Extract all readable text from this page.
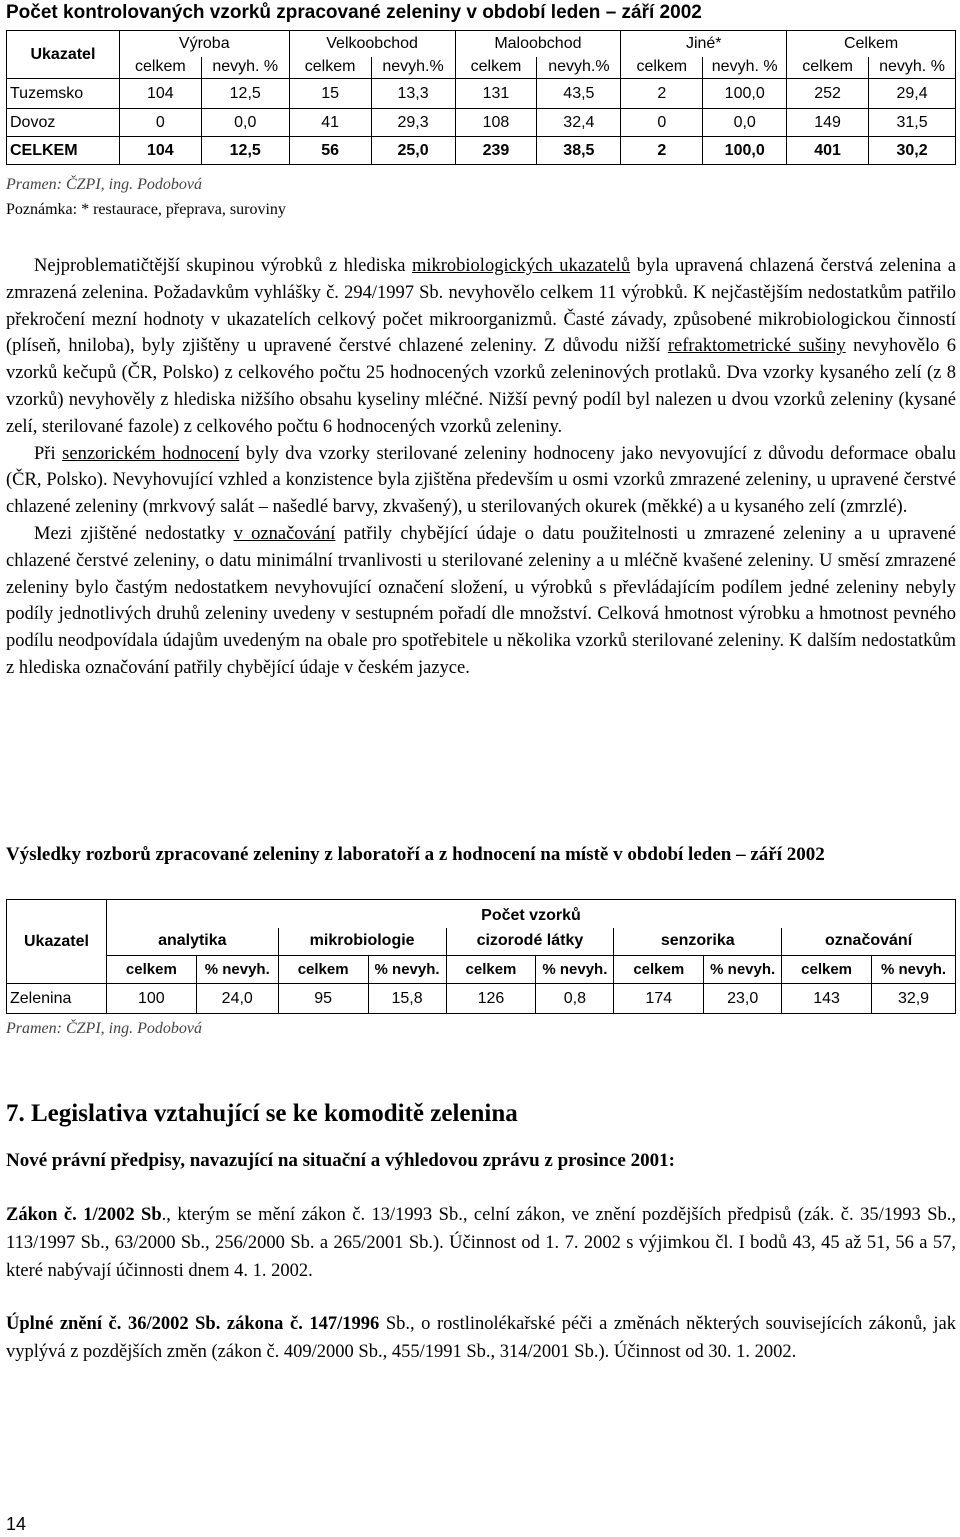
Počet kontrolovaných vzorků zpracované zeleniny v období leden – září 2002
Ukazatel	Výroba		Velkoobchod		Maloobchod		Jiné*		Celkem	
	celkem	nevyh. %	celkem	nevyh.%	celkem	nevyh.%	celkem	nevyh. %	celkem	nevyh. %
Tuzemsko	104	12,5	15	13,3	131	43,5	2	100,0	252	29,4
Dovoz	0	0,0	41	29,3	108	32,4	0	0,0	149	31,5
CELKEM	104	12,5	56	25,0	239	38,5	2	100,0	401	30,2
Pramen: ČZPI, ing. Podobová
Poznámka: * restaurace, přeprava, suroviny

Nejproblematičtější skupinou výrobků z hlediska mikrobiologických ukazatelů byla upravená chlazená čerstvá zelenina a zmrazená zelenina. Požadavkům vyhlášky č. 294/1997 Sb. nevyhovělo celkem 11 výrobků. K nejčastějším nedostatkům patřilo překročení mezní hodnoty v ukazatelích celkový počet mikroorganizmů. Časté závady, způsobené mikrobiologickou činností (plíseň, hniloba), byly zjištěny u upravené čerstvé chlazené zeleniny. Z důvodu nižší refraktometrické sušiny nevyhovělo 6 vzorků kečupů (ČR, Polsko) z celkového počtu 25 hodnocených vzorků zeleninových protlaků. Dva vzorky kysaného zelí (z 8 vzorků) nevyhověly z hlediska nižšího obsahu kyseliny mléčné. Nižší pevný podíl byl nalezen u dvou vzorků zeleniny (kysané zelí, sterilované fazole) z celkového počtu 6 hodnocených vzorků zeleniny.

Při senzorickém hodnocení byly dva vzorky sterilované zeleniny hodnoceny jako nevyovující z důvodu deformace obalu (ČR, Polsko). Nevyhovující vzhled a konzistence byla zjištěna především u osmi vzorků zmrazené zeleniny, u upravené čerstvé chlazené zeleniny (mrkvový salát – našedlé barvy, zkvašený), u sterilovaných okurek (měkké) a u kysaného zelí (zmrzlé).

Mezi zjištěné nedostatky v označování patřily chybějící údaje o datu použitelnosti u zmrazené zeleniny a u upravené chlazené čerstvé zeleniny, o datu minimální trvanlivosti u sterilované zeleniny a u mléčně kvašené zeleniny. U směsí zmrazené zeleniny bylo častým nedostatkem nevyhovující označení složení, u výrobků s převládajícím podílem jedné zeleniny nebyly podíly jednotlivých druhů zeleniny uvedeny v sestupném pořadí dle množství. Celková hmotnost výrobku a hmotnost pevného podílu neodpovídala údajům uvedeným na obale pro spotřebitele u několika vzorků sterilované zeleniny. K dalším nedostatkům z hlediska označování patřily chybějící údaje v českém jazyce.

Výsledky rozborů zpracované zeleniny z laboratoří a z hodnocení na místě v období leden – září 2002
Ukazatel	Počet vzorků									
	analytika		mikrobiologie		cizorodé látky		senzorika		označování	
	celkem	% nevyh.	celkem	% nevyh.	celkem	% nevyh.	celkem	% nevyh.	celkem	% nevyh.
Zelenina	100	24,0	95	15,8	126	0,8	174	23,0	143	32,9
Pramen: ČZPI, ing. Podobová
7. Legislativa vztahující se ke komoditě zelenina
Nové právní předpisy, navazující na situační a výhledovou zprávu z prosince 2001:

Zákon č. 1/2002 Sb., kterým se mění zákon č. 13/1993 Sb., celní zákon, ve znění pozdějších předpisů (zák. č. 35/1993 Sb., 113/1997 Sb., 63/2000 Sb., 256/2000 Sb. a 265/2001 Sb.). Účinnost od 1. 7. 2002 s výjimkou čl. I bodů 43, 45 až 51, 56 a 57, které nabývají účinnosti dnem 4. 1. 2002.

Úplné znění č. 36/2002 Sb. zákona č. 147/1996 Sb., o rostlinolékařské péči a změnách některých souvisejících zákonů, jak vyplývá z pozdějších změn (zákon č. 409/2000 Sb., 455/1991 Sb., 314/2001 Sb.). Účinnost od 30. 1. 2002.

14
